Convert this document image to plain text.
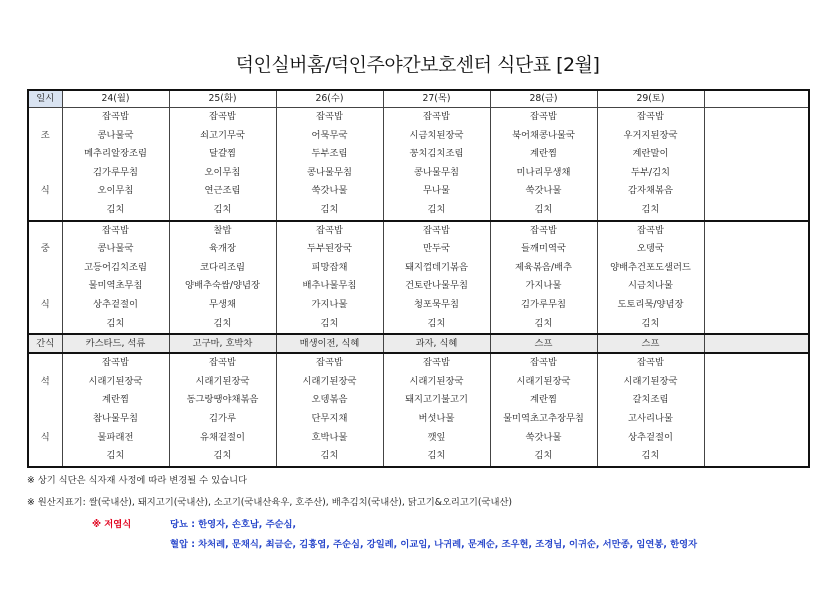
덕인실버홈/덕인주야간보호센터 식단표 [2월]
일시	24(월)	25(화)	26(수)	27(목)	28(금)	29(토)	
	잡곡밥	잡곡밥	잡곡밥	잡곡밥	잡곡밥	잡곡밥	
조	콩나물국	쇠고기무국	어묵무국	시금치된장국	북어채콩나물국	우거지된장국	
	메추리알장조림	달걀찜	두부조림	꽁치김치조림	계란찜	계란말이	
	김가루무침	오이무침	콩나물무침	콩나물무침	미나리무생채	두부/김치	
식	오이무침	연근조림	쑥갓나물	무나물	쑥갓나물	감자채볶음	
	김치	김치	김치	김치	김치	김치	
	잡곡밥	찰밥	잡곡밥	잡곡밥	잡곡밥	잡곡밥	
중	콩나물국	육개장	두부된장국	만두국	들깨미역국	오뎅국	
	고등어김치조림	코다리조림	피망잡채	돼지껍데기볶음	제육볶음/배추	양배추건포도샐러드	
	물미역초무침	양배추숙쌈/양념장	배추나물무침	건토란나물무침	가지나물	시금치나물	
식	상추겉절이	무생채	가지나물	청포묵무침	김가루무침	도토리묵/양념장	
	김치	김치	김치	김치	김치	김치	
간식	카스타드, 석류	고구마, 호박차	매생이전, 식혜	과자, 식혜	스프	스프	
	잡곡밥	잡곡밥	잡곡밥	잡곡밥	잡곡밥	잡곡밥	
석	시래기된장국	시래기된장국	시래기된장국	시래기된장국	시래기된장국	시래기된장국	
	계란찜	동그랑땡야채볶음	오뎅볶음	돼지고기불고기	계란찜	갈치조림	
	참나물무침	김가루	단무지채	버섯나물	물미역초고추장무침	고사리나물	
식	물파래전	유채겉절이	호박나물	깻잎	쑥갓나물	상추겉절이	
	김치	김치	김치	김치	김치	김치	
※ 상기 식단은 식자재 사정에 따라 변경될 수 있습니다
※ 원산지표기: 쌀(국내산), 돼지고기(국내산), 소고기(국내산육우, 호주산), 배추김치(국내산), 닭고기&오리고기(국내산)
※ 저염식	당뇨 : 한영자, 손호남, 주순심,
혈압 : 차처례, 문채식, 최금순, 김홍엽, 주순심, 강일례, 이교임, 나귀례, 문계순, 조우현, 조경님, 이귀순, 서만종, 임연봉, 한영자
